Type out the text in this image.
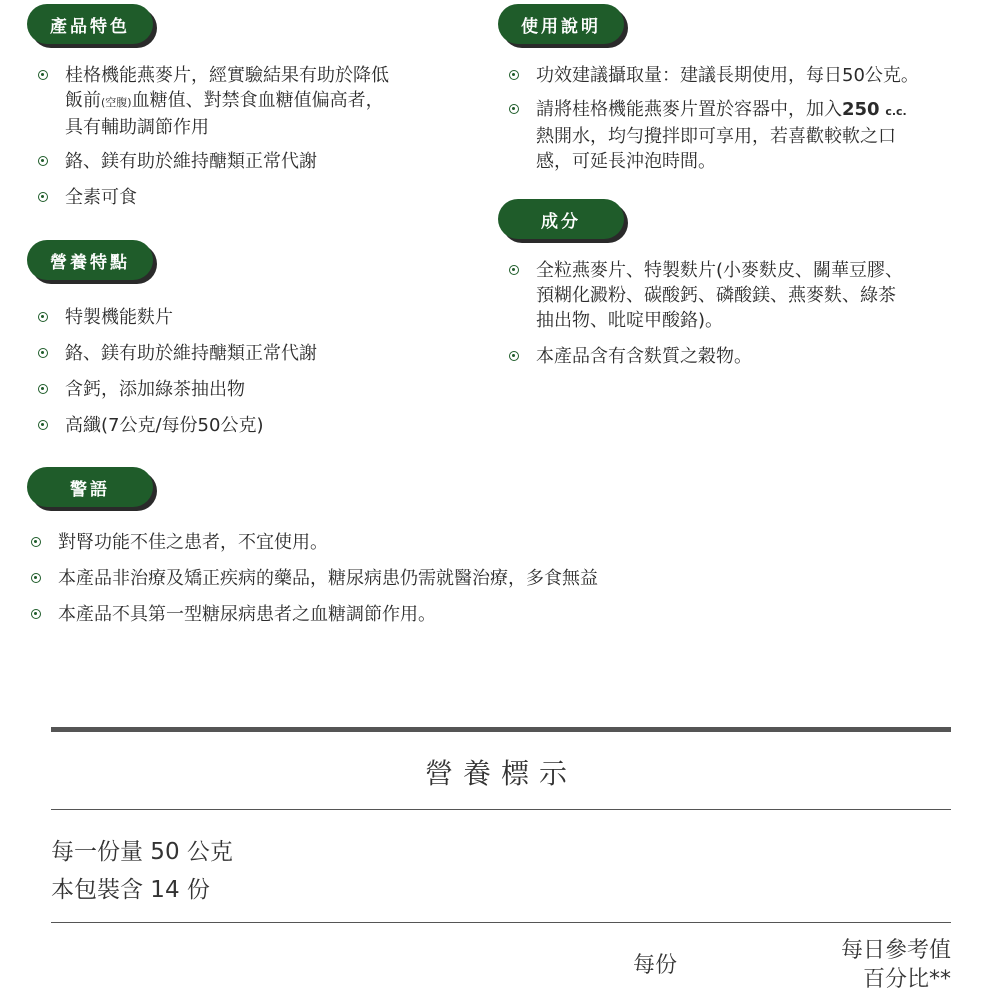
產品特色
桂格機能燕麥片，經實驗結果有助於降低
飯前(空腹)血糖值、對禁食血糖值偏高者，
具有輔助調節作用
鉻、鎂有助於維持醣類正常代謝
全素可食
營養特點
特製機能麩片
鉻、鎂有助於維持醣類正常代謝
含鈣，添加綠茶抽出物
高纖(7公克/每份50公克)
警語
對腎功能不佳之患者，不宜使用。
本產品非治療及矯正疾病的藥品，糖尿病患仍需就醫治療，多食無益
本產品不具第一型糖尿病患者之血糖調節作用。
使用說明
功效建議攝取量：建議長期使用，每日50公克。
請將桂格機能燕麥片置於容器中，加入250 c.c.
熱開水，均勻攪拌即可享用，若喜歡較軟之口
感，可延長沖泡時間。
成分
全粒燕麥片、特製麩片(小麥麩皮、關華豆膠、
預糊化澱粉、碳酸鈣、磷酸鎂、燕麥麩、綠茶
抽出物、吡啶甲酸鉻)。
本產品含有含麩質之穀物。
營養標示
每一份量 50 公克
本包裝含 14 份
每份
每日參考值
百分比**
